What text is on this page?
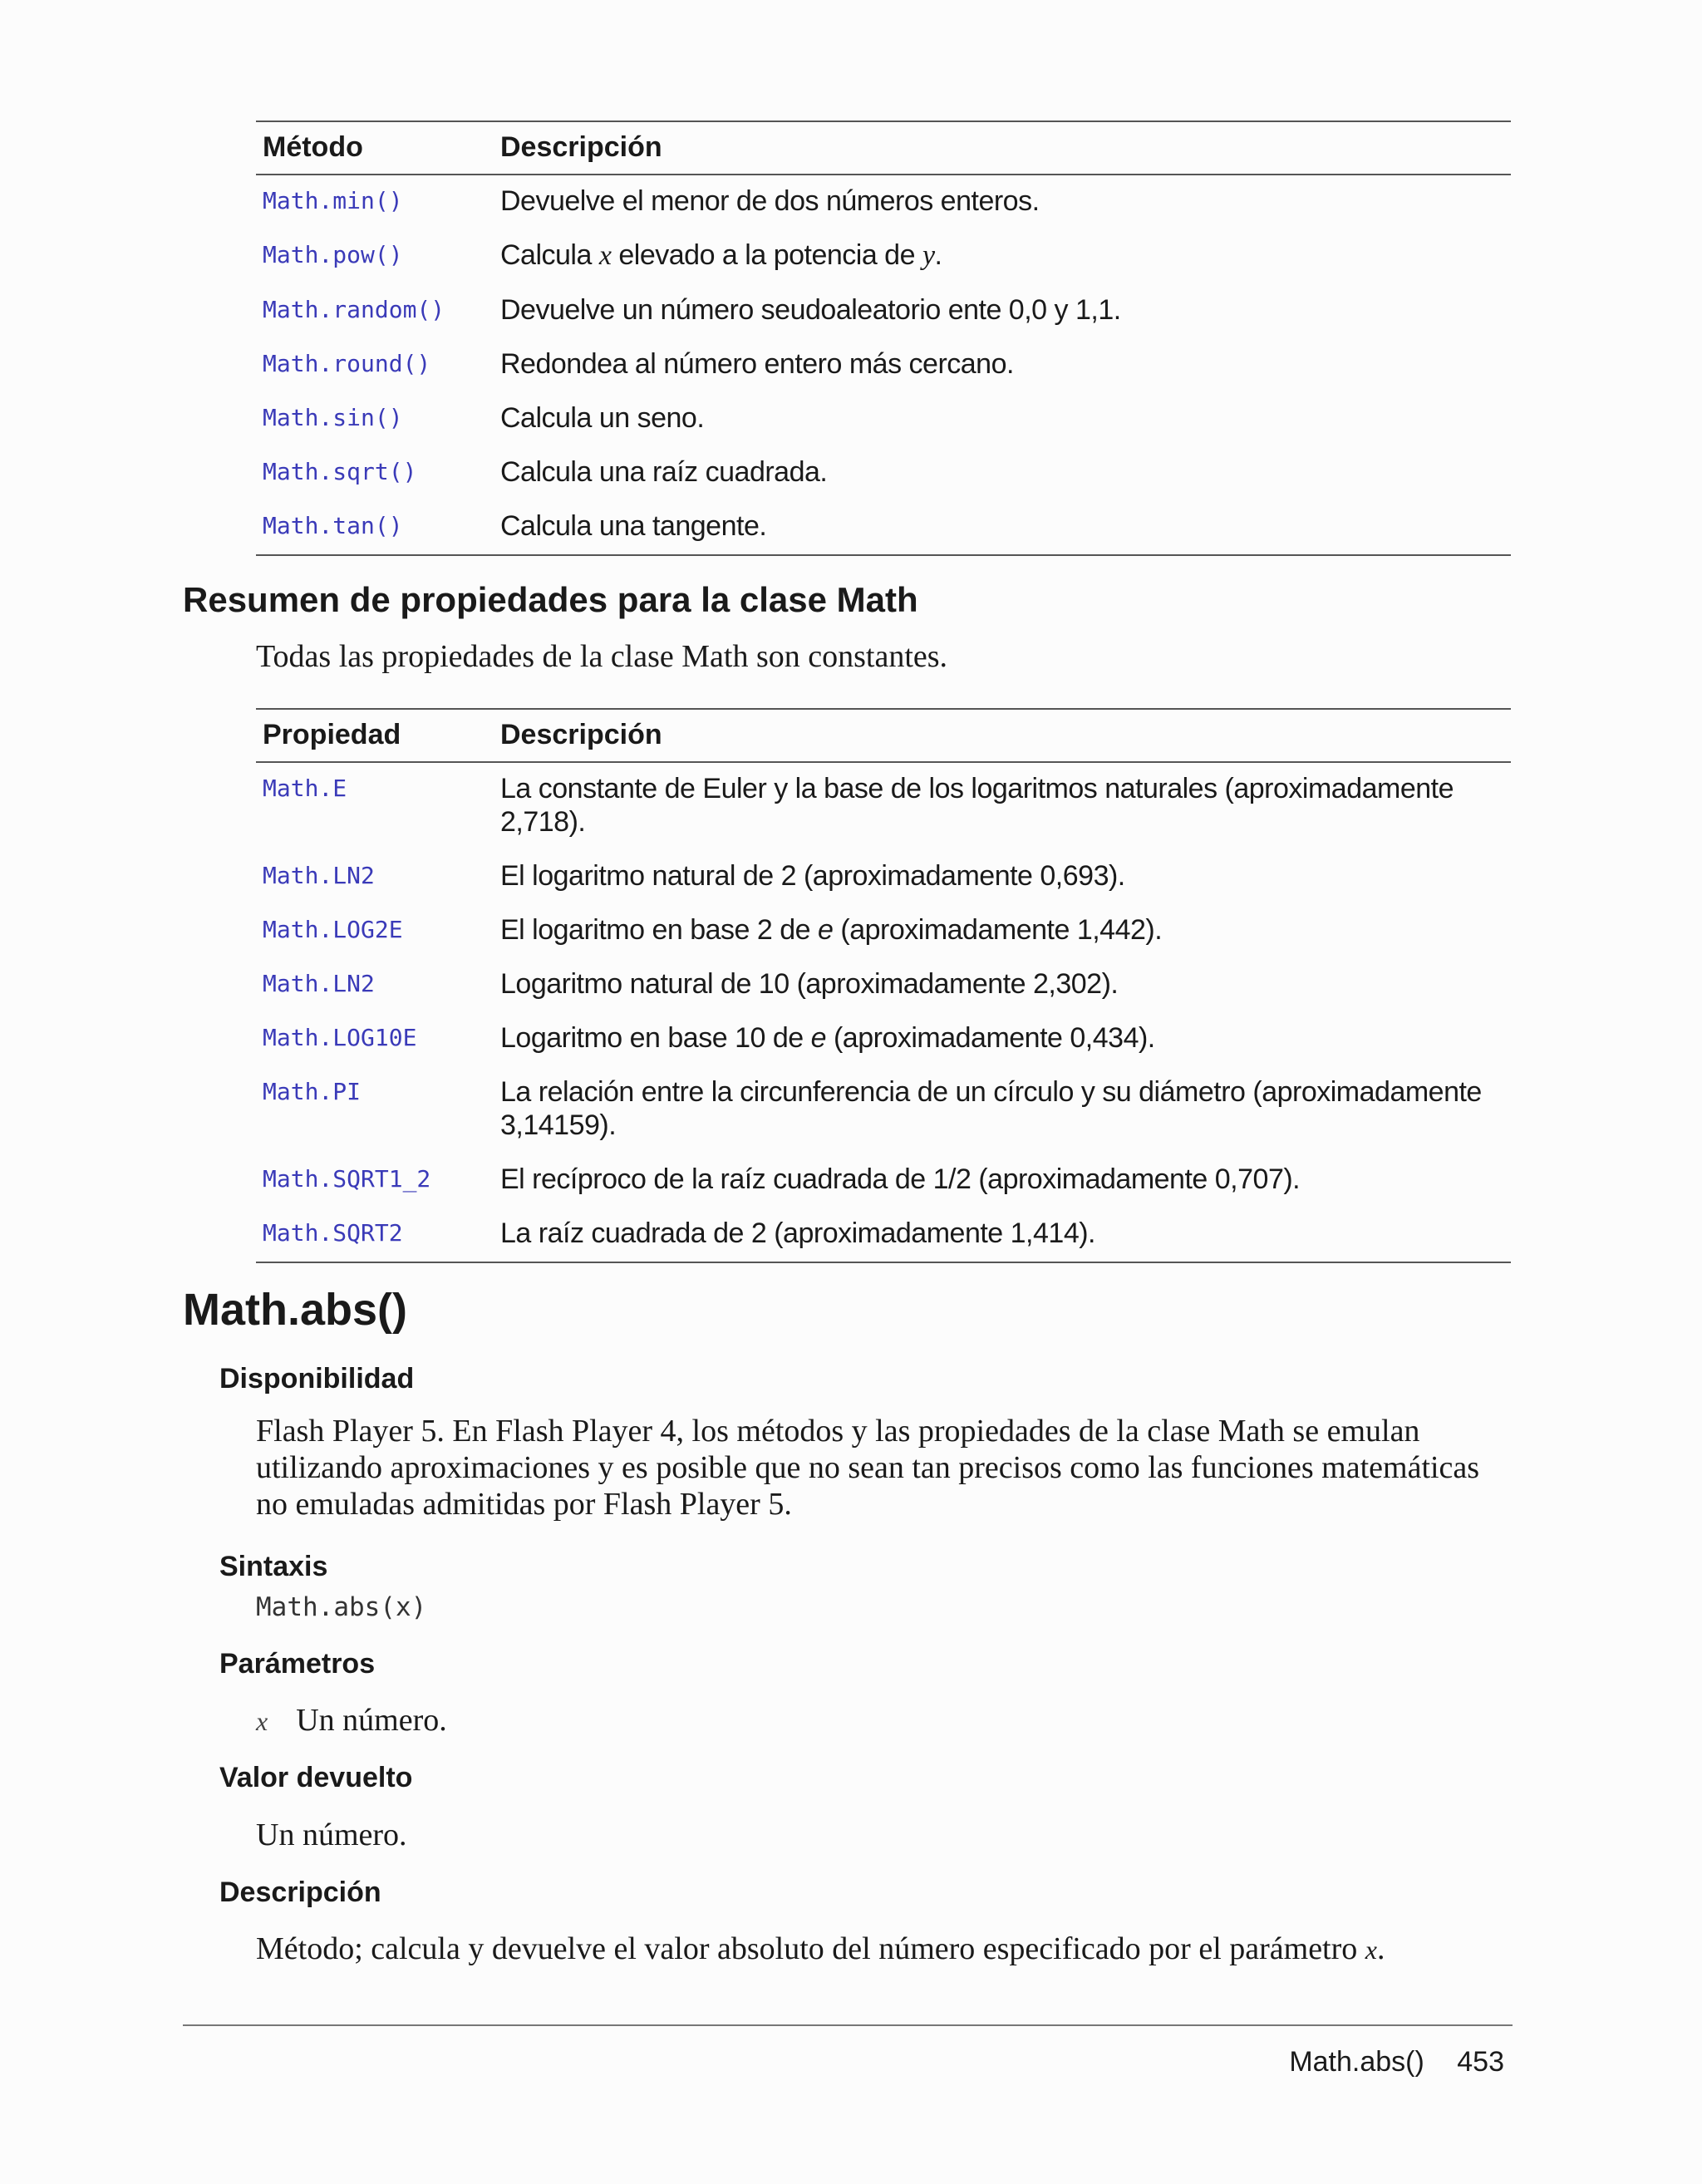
Método	Descripción
Math.min()	Devuelve el menor de dos números enteros.
Math.pow()	Calcula x elevado a la potencia de y.
Math.random()	Devuelve un número seudoaleatorio ente 0,0 y 1,1.
Math.round()	Redondea al número entero más cercano.
Math.sin()	Calcula un seno.
Math.sqrt()	Calcula una raíz cuadrada.
Math.tan()	Calcula una tangente.
Resumen de propiedades para la clase Math

Todas las propiedades de la clase Math son constantes.

Propiedad	Descripción
Math.E	La constante de Euler y la base de los logaritmos naturales (aproximadamente 2,718).
Math.LN2	El logaritmo natural de 2 (aproximadamente 0,693).
Math.LOG2E	El logaritmo en base 2 de e (aproximadamente 1,442).
Math.LN2	Logaritmo natural de 10 (aproximadamente 2,302).
Math.LOG10E	Logaritmo en base 10 de e (aproximadamente 0,434).
Math.PI	La relación entre la circunferencia de un círculo y su diámetro (aproximadamente 3,14159).
Math.SQRT1_2	El recíproco de la raíz cuadrada de 1/2 (aproximadamente 0,707).
Math.SQRT2	La raíz cuadrada de 2 (aproximadamente 1,414).
Math.abs()
Disponibilidad

Flash Player 5. En Flash Player 4, los métodos y las propiedades de la clase Math se emulan utilizando aproximaciones y es posible que no sean tan precisos como las funciones matemáticas no emuladas admitidas por Flash Player 5.

Sintaxis

Math.abs(x)

Parámetros

x Un número.

Valor devuelto

Un número.

Descripción

Método; calcula y devuelve el valor absoluto del número especificado por el parámetro x.

Math.abs() 453
